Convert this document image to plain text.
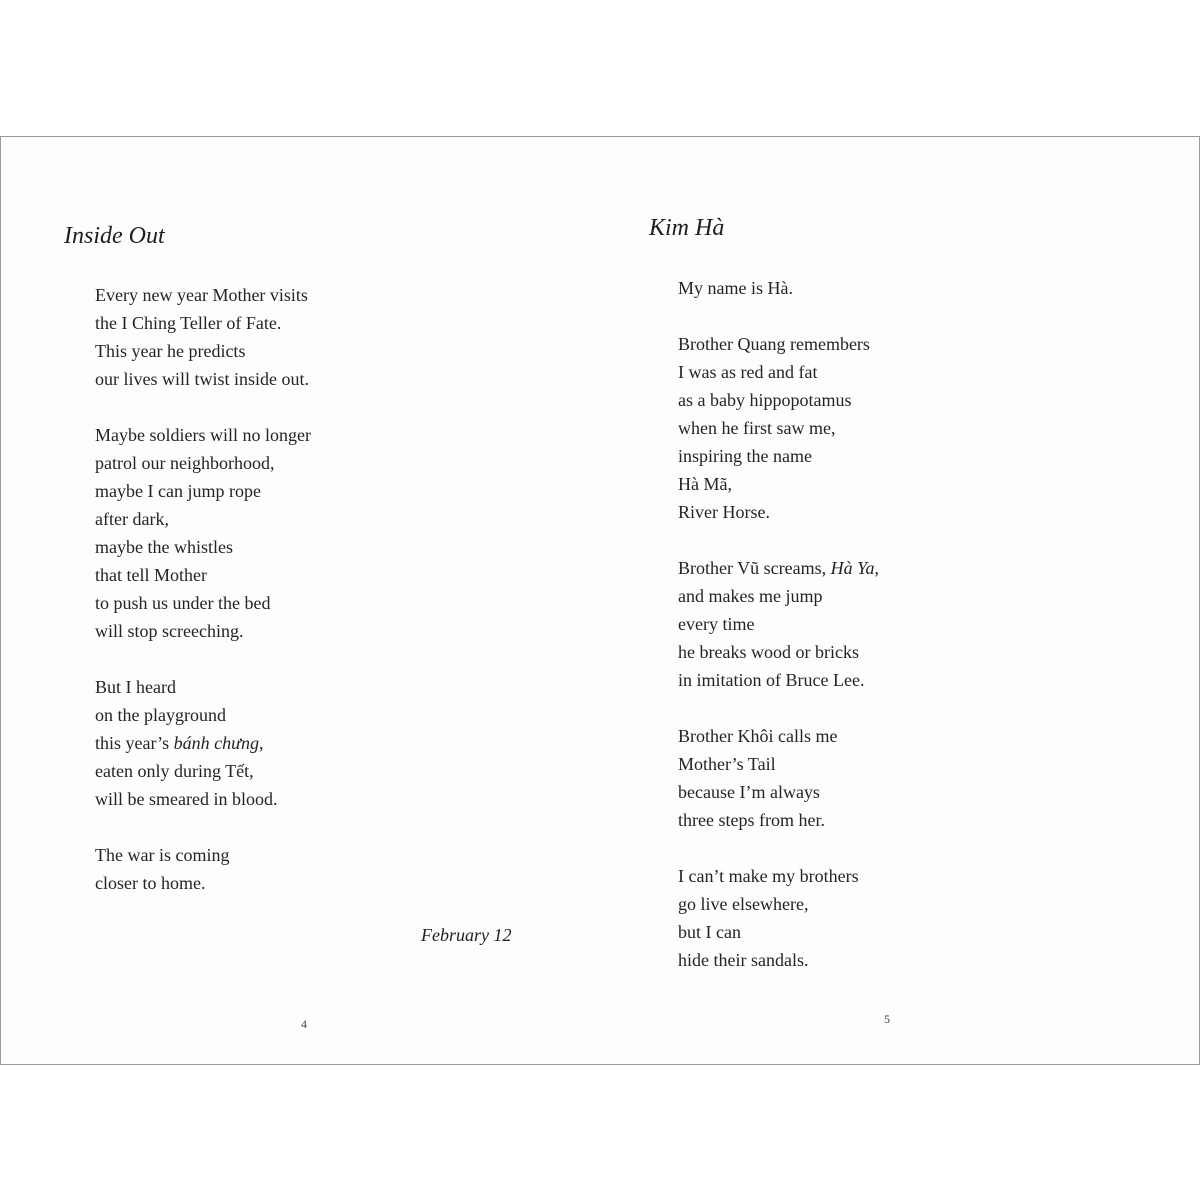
Inside Out
Every new year Mother visits
the I Ching Teller of Fate.
This year he predicts
our lives will twist inside out.
Maybe soldiers will no longer
patrol our neighborhood,
maybe I can jump rope
after dark,
maybe the whistles
that tell Mother
to push us under the bed
will stop screeching.
But I heard
on the playground
this year’s bánh chưng,
eaten only during Tết,
will be smeared in blood.
The war is coming
closer to home.
February 12
4
Kim Hà
My name is Hà.
Brother Quang remembers
I was as red and fat
as a baby hippopotamus
when he first saw me,
inspiring the name
Hà Mã,
River Horse.
Brother Vũ screams, Hà Ya,
and makes me jump
every time
he breaks wood or bricks
in imitation of Bruce Lee.
Brother Khôi calls me
Mother’s Tail
because I’m always
three steps from her.
I can’t make my brothers
go live elsewhere,
but I can
hide their sandals.
5
